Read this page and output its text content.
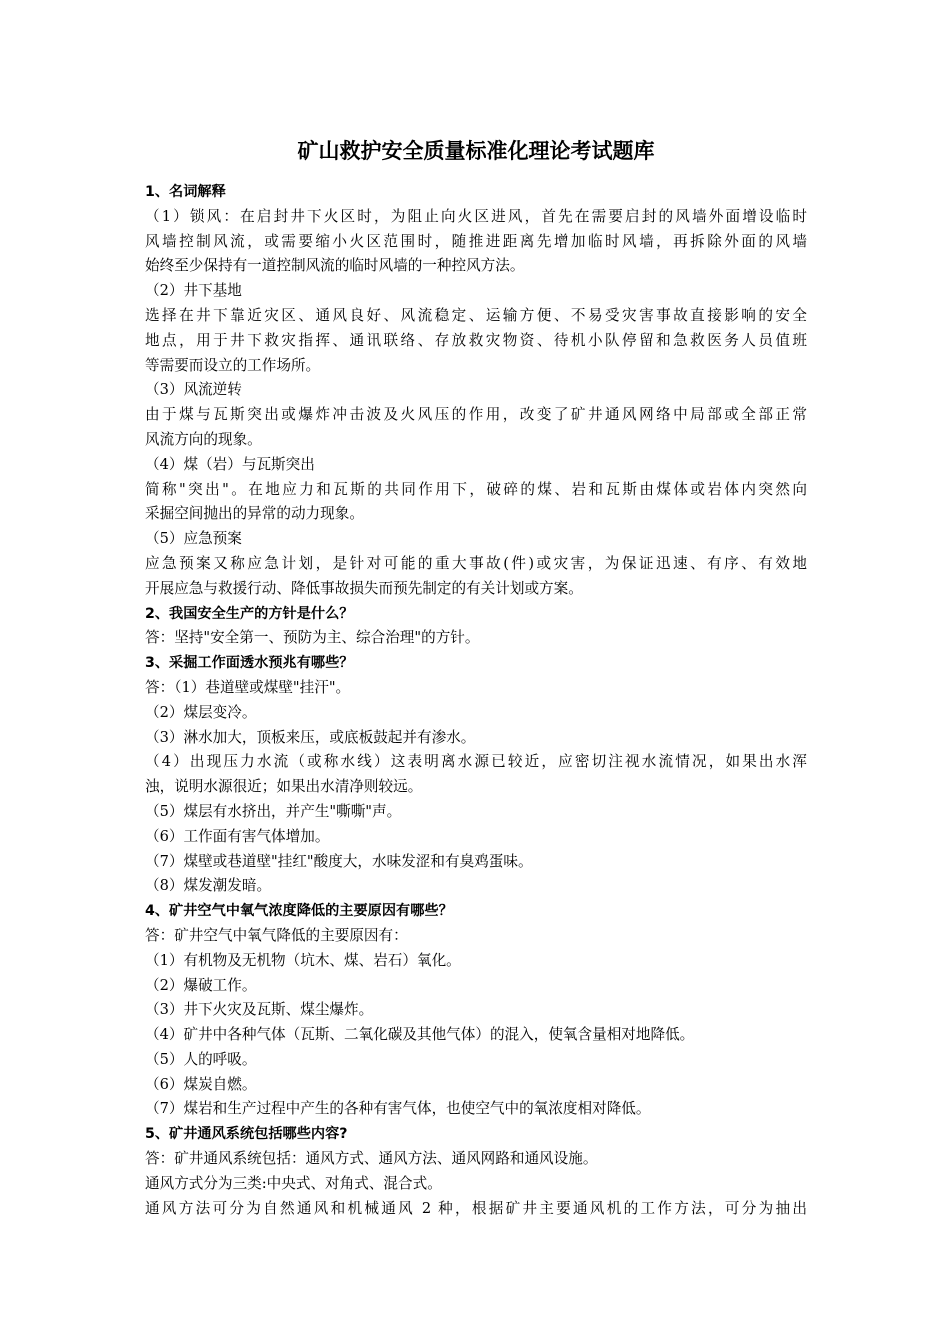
矿山救护安全质量标准化理论考试题库
1、名词解释
（1）锁风：在启封井下火区时，为阻止向火区进风，首先在需要启封的风墙外面增设临时
风墙控制风流，或需要缩小火区范围时，随推进距离先增加临时风墙，再拆除外面的风墙
始终至少保持有一道控制风流的临时风墙的一种控风方法。
（2）井下基地
选择在井下靠近灾区、通风良好、风流稳定、运输方便、不易受灾害事故直接影响的安全
地点，用于井下救灾指挥、通讯联络、存放救灾物资、待机小队停留和急救医务人员值班
等需要而设立的工作场所。
（3）风流逆转
由于煤与瓦斯突出或爆炸冲击波及火风压的作用，改变了矿井通风网络中局部或全部正常
风流方向的现象。
（4）煤（岩）与瓦斯突出
简称"突出"。在地应力和瓦斯的共同作用下，破碎的煤、岩和瓦斯由煤体或岩体内突然向
采掘空间抛出的异常的动力现象。
（5）应急预案
应急预案又称应急计划，是针对可能的重大事故(件)或灾害，为保证迅速、有序、有效地
开展应急与救援行动、降低事故损失而预先制定的有关计划或方案。
2、我国安全生产的方针是什么？
答：坚持"安全第一、预防为主、综合治理"的方针。
3、采掘工作面透水预兆有哪些？
答：（1）巷道壁或煤壁"挂汗"。
（2）煤层变冷。
（3）淋水加大，顶板来压，或底板鼓起并有渗水。
（4）出现压力水流（或称水线）这表明离水源已较近，应密切注视水流情况，如果出水浑
浊，说明水源很近；如果出水清净则较远。
（5）煤层有水挤出，并产生"嘶嘶"声。
（6）工作面有害气体增加。
（7）煤壁或巷道壁"挂红"酸度大，水味发涩和有臭鸡蛋味。
（8）煤发潮发暗。
4、矿井空气中氧气浓度降低的主要原因有哪些？
答：矿井空气中氧气降低的主要原因有：
（1）有机物及无机物（坑木、煤、岩石）氧化。
（2）爆破工作。
（3）井下火灾及瓦斯、煤尘爆炸。
（4）矿井中各种气体（瓦斯、二氧化碳及其他气体）的混入，使氧含量相对地降低。
（5）人的呼吸。
（6）煤炭自燃。
（7）煤岩和生产过程中产生的各种有害气体，也使空气中的氧浓度相对降低。
5、矿井通风系统包括哪些内容?
答：矿井通风系统包括：通风方式、通风方法、通风网路和通风设施。
通风方式分为三类:中央式、对角式、混合式。
通风方法可分为自然通风和机械通风 2 种，根据矿井主要通风机的工作方法，可分为抽出
